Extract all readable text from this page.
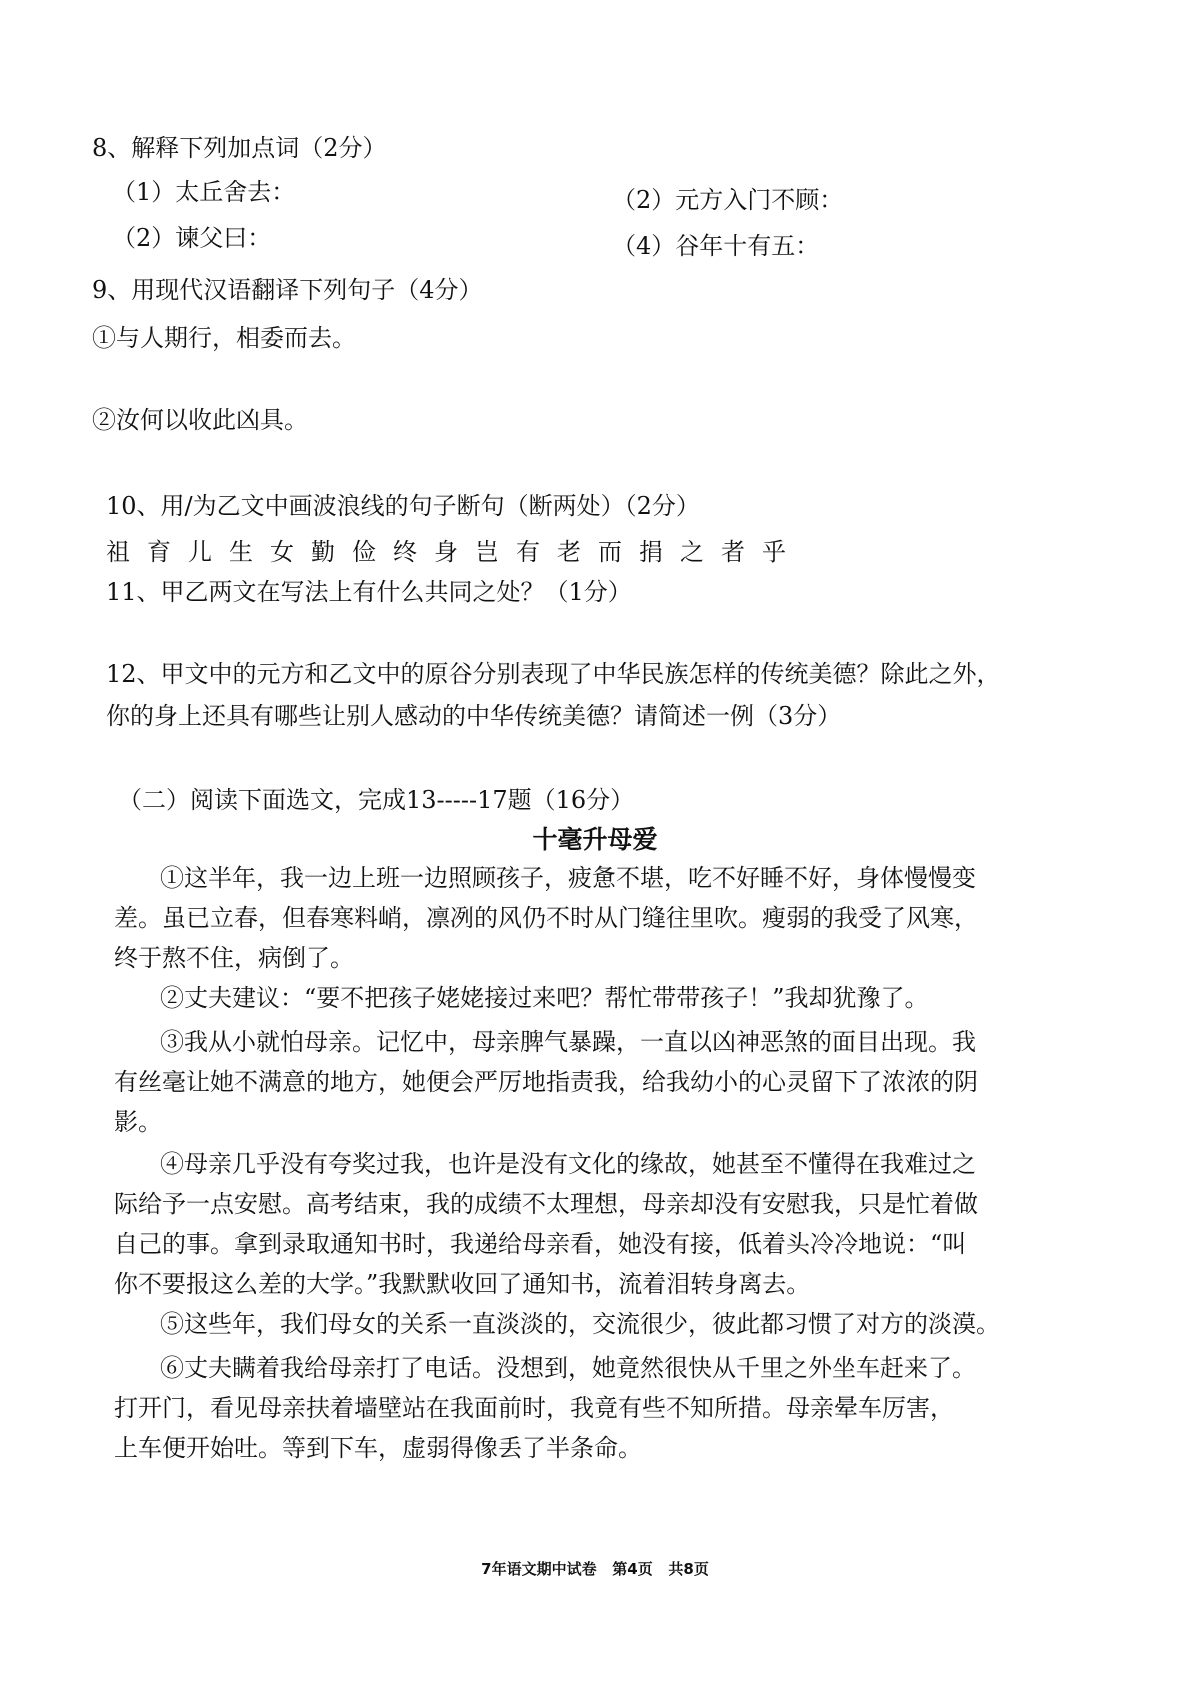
8、解释下列加点词（2分）
（1）太丘舍去：	（2）元方入门不顾：
（2）谏父曰：	（4）谷年十有五：
9、用现代汉语翻译下列句子（4分）
①与人期行，相委而去。
②汝何以收此凶具。
10、用/为乙文中画波浪线的句子断句（断两处）（2分）
祖育儿生女勤俭终身岂有老而捐之者乎
11、甲乙两文在写法上有什么共同之处？（1分）
12、甲文中的元方和乙文中的原谷分别表现了中华民族怎样的传统美德？除此之外，
你的身上还具有哪些让别人感动的中华传统美德？请简述一例（3分）
（二）阅读下面选文，完成13-----17题（16分）
十毫升母爱
①这半年，我一边上班一边照顾孩子，疲惫不堪，吃不好睡不好，身体慢慢变
差。虽已立春，但春寒料峭，凛冽的风仍不时从门缝往里吹。瘦弱的我受了风寒，
终于熬不住，病倒了。
②丈夫建议：“要不把孩子姥姥接过来吧？帮忙带带孩子！”我却犹豫了。
③我从小就怕母亲。记忆中，母亲脾气暴躁，一直以凶神恶煞的面目出现。我
有丝毫让她不满意的地方，她便会严厉地指责我，给我幼小的心灵留下了浓浓的阴
影。
④母亲几乎没有夸奖过我，也许是没有文化的缘故，她甚至不懂得在我难过之
际给予一点安慰。高考结束，我的成绩不太理想，母亲却没有安慰我，只是忙着做
自己的事。拿到录取通知书时，我递给母亲看，她没有接，低着头冷冷地说：“叫
你不要报这么差的大学。”我默默收回了通知书，流着泪转身离去。
⑤这些年，我们母女的关系一直淡淡的，交流很少，彼此都习惯了对方的淡漠。
⑥丈夫瞒着我给母亲打了电话。没想到，她竟然很快从千里之外坐车赶来了。
打开门，看见母亲扶着墙壁站在我面前时，我竟有些不知所措。母亲晕车厉害，
上车便开始吐。等到下车，虚弱得像丢了半条命。
7年语文期中试卷   第4页   共8页
